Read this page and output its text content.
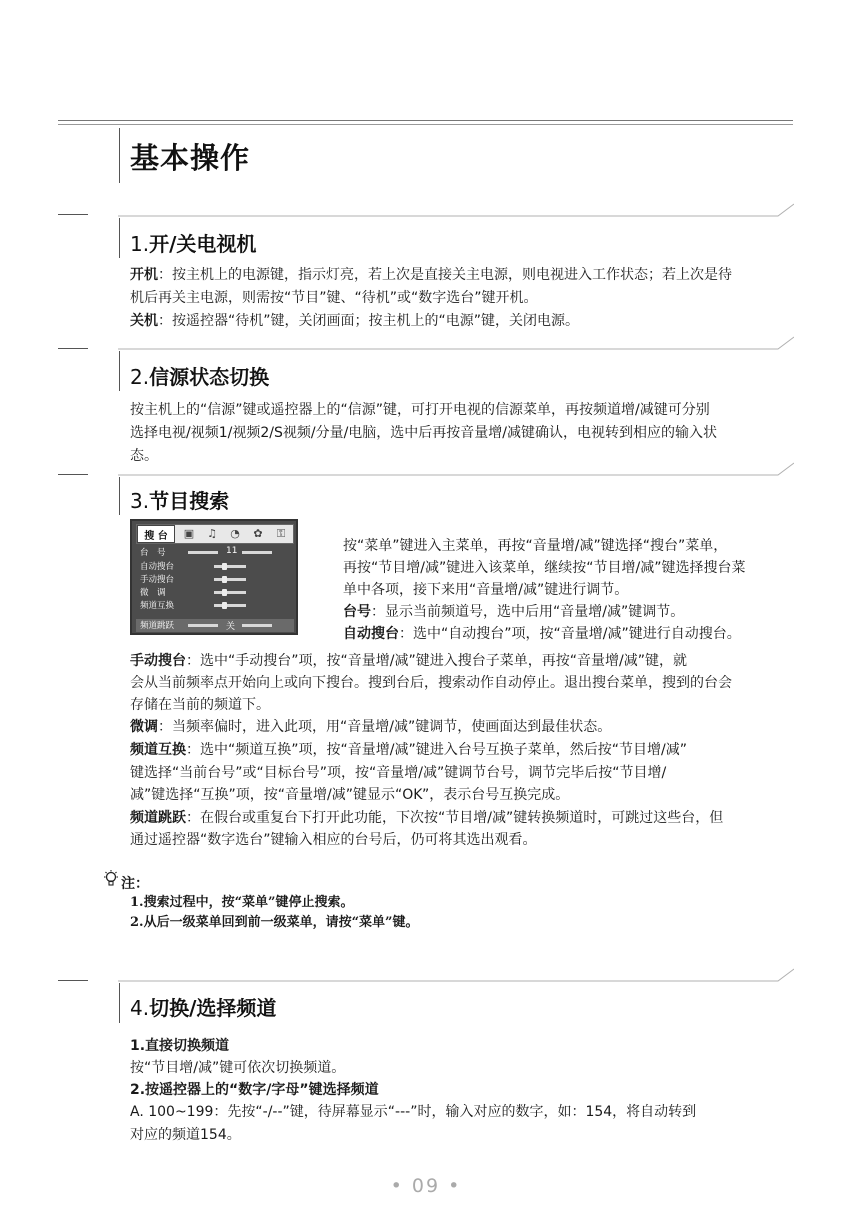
基本操作
1.开/关电视机
开机：按主机上的电源键，指示灯亮，若上次是直接关主电源，则电视进入工作状态；若上次是待
机后再关主电源，则需按“节目”键、“待机”或“数字选台”键开机。
关机：按遥控器“待机”键，关闭画面；按主机上的“电源”键，关闭电源。
2.信源状态切换
按主机上的“信源”键或遥控器上的“信源”键，可打开电视的信源菜单，再按频道增/减键可分别
选择电视/视频1/视频2/S视频/分量/电脑，选中后再按音量增/减键确认，电视转到相应的输入状
态。
3.节目搜索
搜 台	▣	♫	◔	✿	⚿
台　号	11
自动搜台
手动搜台
微　调
频道互换
频道跳跃	关
按“菜单”键进入主菜单，再按“音量增/减”键选择“搜台”菜单，
再按“节目增/减”键进入该菜单，继续按“节目增/减”键选择搜台菜
单中各项，接下来用“音量增/减”键进行调节。
台号：显示当前频道号，选中后用“音量增/减”键调节。
自动搜台：选中“自动搜台”项，按“音量增/减”键进行自动搜台。
手动搜台：选中“手动搜台”项，按“音量增/减”键进入搜台子菜单，再按“音量增/减”键，就
会从当前频率点开始向上或向下搜台。搜到台后，搜索动作自动停止。退出搜台菜单，搜到的台会
存储在当前的频道下。
微调：当频率偏时，进入此项，用“音量增/减”键调节，使画面达到最佳状态。
频道互换：选中“频道互换”项，按“音量增/减”键进入台号互换子菜单，然后按“节目增/减”
键选择“当前台号”或“目标台号”项，按“音量增/减”键调节台号，调节完毕后按“节目增/
减”键选择“互换”项，按“音量增/减”键显示“OK”，表示台号互换完成。
频道跳跃：在假台或重复台下打开此功能，下次按“节目增/减”键转换频道时，可跳过这些台，但
通过遥控器“数字选台”键输入相应的台号后，仍可将其选出观看。
注：
1.搜索过程中，按“菜单”键停止搜索。
2.从后一级菜单回到前一级菜单，请按“菜单”键。
4.切换/选择频道
1.直接切换频道
按“节目增/减”键可依次切换频道。
2.按遥控器上的“数字/字母”键选择频道
A. 100~199：先按“-/--”键，待屏幕显示“---”时，输入对应的数字，如：154，将自动转到
对应的频道154。
• 09 •
